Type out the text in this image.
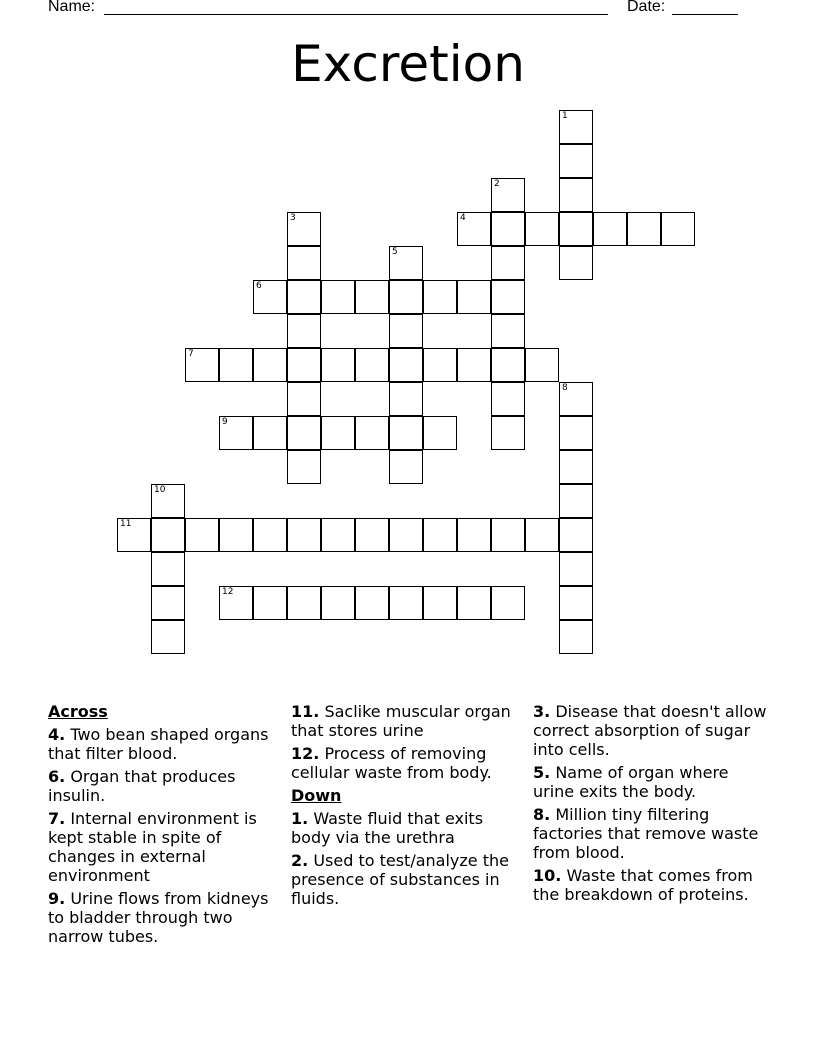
Name:	Date:
Excretion
1
2
3	4
5
6
7
8
9
10
11
12
Across
4. Two bean shaped organs that filter blood.
6. Organ that produces insulin.
7. Internal environment is kept stable in spite of changes in external environment
9. Urine flows from kidneys to bladder through two narrow tubes.
11. Saclike muscular organ that stores urine
12. Process of removing cellular waste from body.
Down
1. Waste fluid that exits body via the urethra
2. Used to test/analyze the presence of substances in fluids.
3. Disease that doesn't allow correct absorption of sugar into cells.
5. Name of organ where urine exits the body.
8. Million tiny filtering factories that remove waste from blood.
10. Waste that comes from the breakdown of proteins.
